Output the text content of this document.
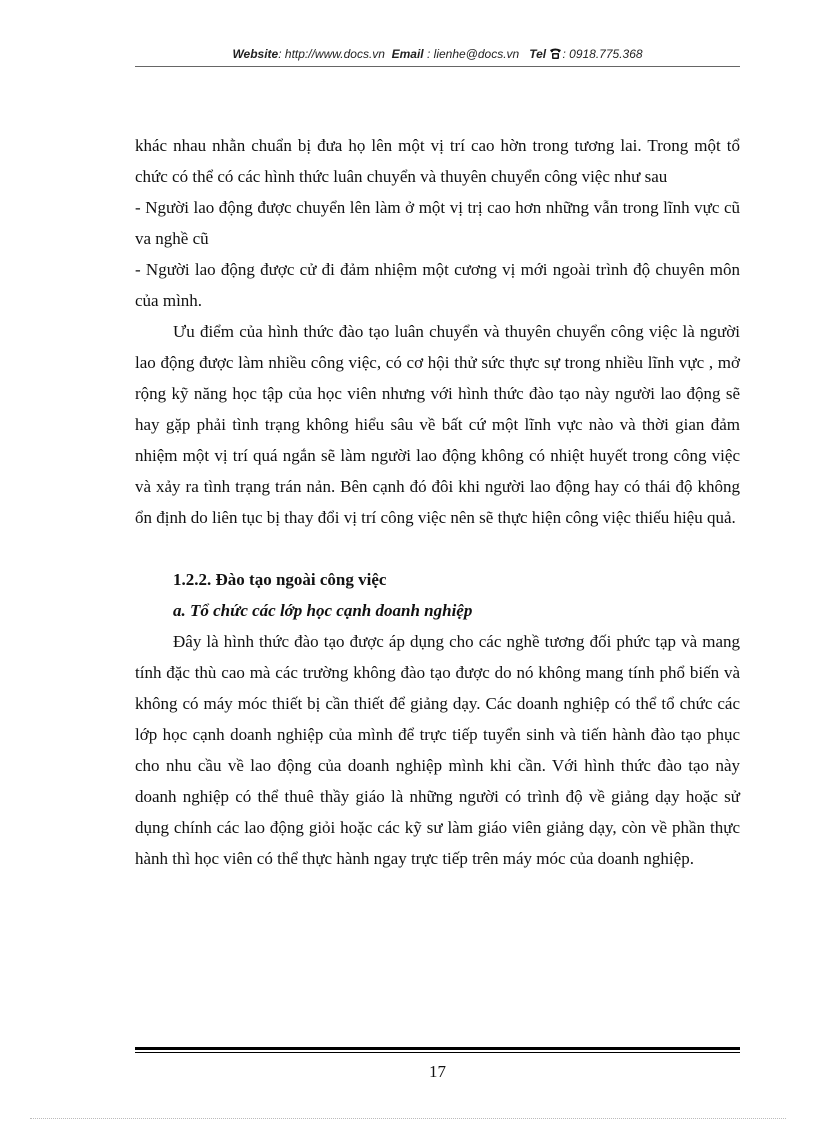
Website: http://www.docs.vn Email : lienhe@docs.vn Tel : 0918.775.368

khác nhau nhằn chuẩn bị đưa họ lên một vị trí cao hờn trong tương lai. Trong một tổ chức có thể có các hình thức luân chuyển và thuyên chuyển công việc như sau

- Người lao động được chuyển lên làm ở một vị trị cao hơn những vẫn trong lĩnh vực cũ va nghề cũ

- Người lao động được cử đi đảm nhiệm một cương vị mới ngoài trình độ chuyên môn của mình.

Ưu điểm của hình thức đào tạo luân chuyển và thuyên chuyển công việc là người lao động được làm nhiều công việc, có cơ hội thử sức thực sự trong nhiều lĩnh vực , mở rộng kỹ năng học tập của học viên nhưng với hình thức đào tạo này người lao động sẽ hay gặp phải tình trạng không hiểu sâu về bất cứ một lĩnh vực nào và thời gian đảm nhiệm một vị trí quá ngắn sẽ làm người lao động không có nhiệt huyết trong công việc và xảy ra tình trạng trán nản. Bên cạnh đó đôi khi người lao động hay có thái độ không ổn định do liên tục bị thay đổi vị trí công việc nên sẽ thực hiện công việc thiếu hiệu quả.

1.2.2. Đào tạo ngoài công việc
a. Tổ chức các lớp học cạnh doanh nghiệp

Đây là hình thức đào tạo được áp dụng cho các nghề tương đối phức tạp và mang tính đặc thù cao mà các trường không đào tạo được do nó không mang tính phổ biến và không có máy móc thiết bị cần thiết để giảng dạy. Các doanh nghiệp có thể tổ chức các lớp học cạnh doanh nghiệp của mình để trực tiếp tuyển sinh và tiến hành đào tạo phục cho nhu cầu về lao động của doanh nghiệp mình khi cần. Với hình thức đào tạo này doanh nghiệp có thể thuê thầy giáo là những người có trình độ về giảng dạy hoặc sử dụng chính các lao động giỏi hoặc các kỹ sư làm giáo viên giảng dạy, còn về phần thực hành thì học viên có thể thực hành ngay trực tiếp trên máy móc của doanh nghiệp.

17
